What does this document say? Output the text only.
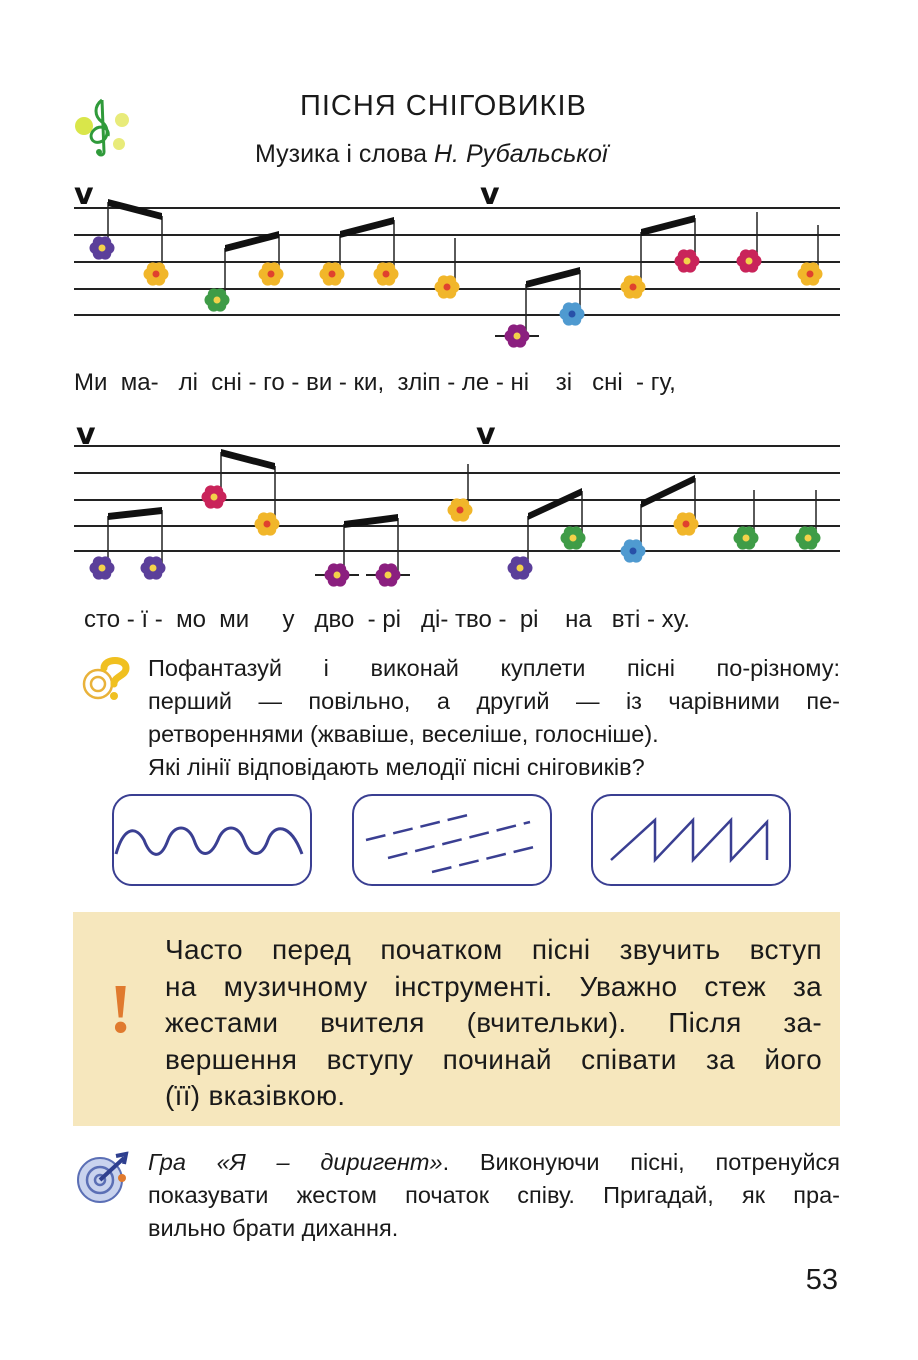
ПІСНЯ СНІГОВИКІВ
Музика і слова Н. Рубальської
v	v
Ми  ма-   лі  сні - го - ви - ки,  зліп - ле - ні    зі   сні  - гу,
v	v
сто - ї -  мо  ми     у   дво  - рі   ді- тво -  рі    на   вті - ху.
Пофантазуй і виконай куплети пісні по-різному:
перший — повільно, а другий — із чарівними пе-
ретвореннями (жвавіше, веселіше, голосніше).
Які лінії відповідають мелодії пісні сніговиків?
!
Часто перед початком пісні звучить вступ
на музичному інструменті. Уважно стеж за
жестами вчителя (вчительки). Після за-
вершення вступу починай співати за його
(її) вказівкою.
Гра «Я – диригент». Виконуючи пісні, потренуйся
показувати жестом початок співу. Пригадай, як пра-
вильно брати дихання.
53
